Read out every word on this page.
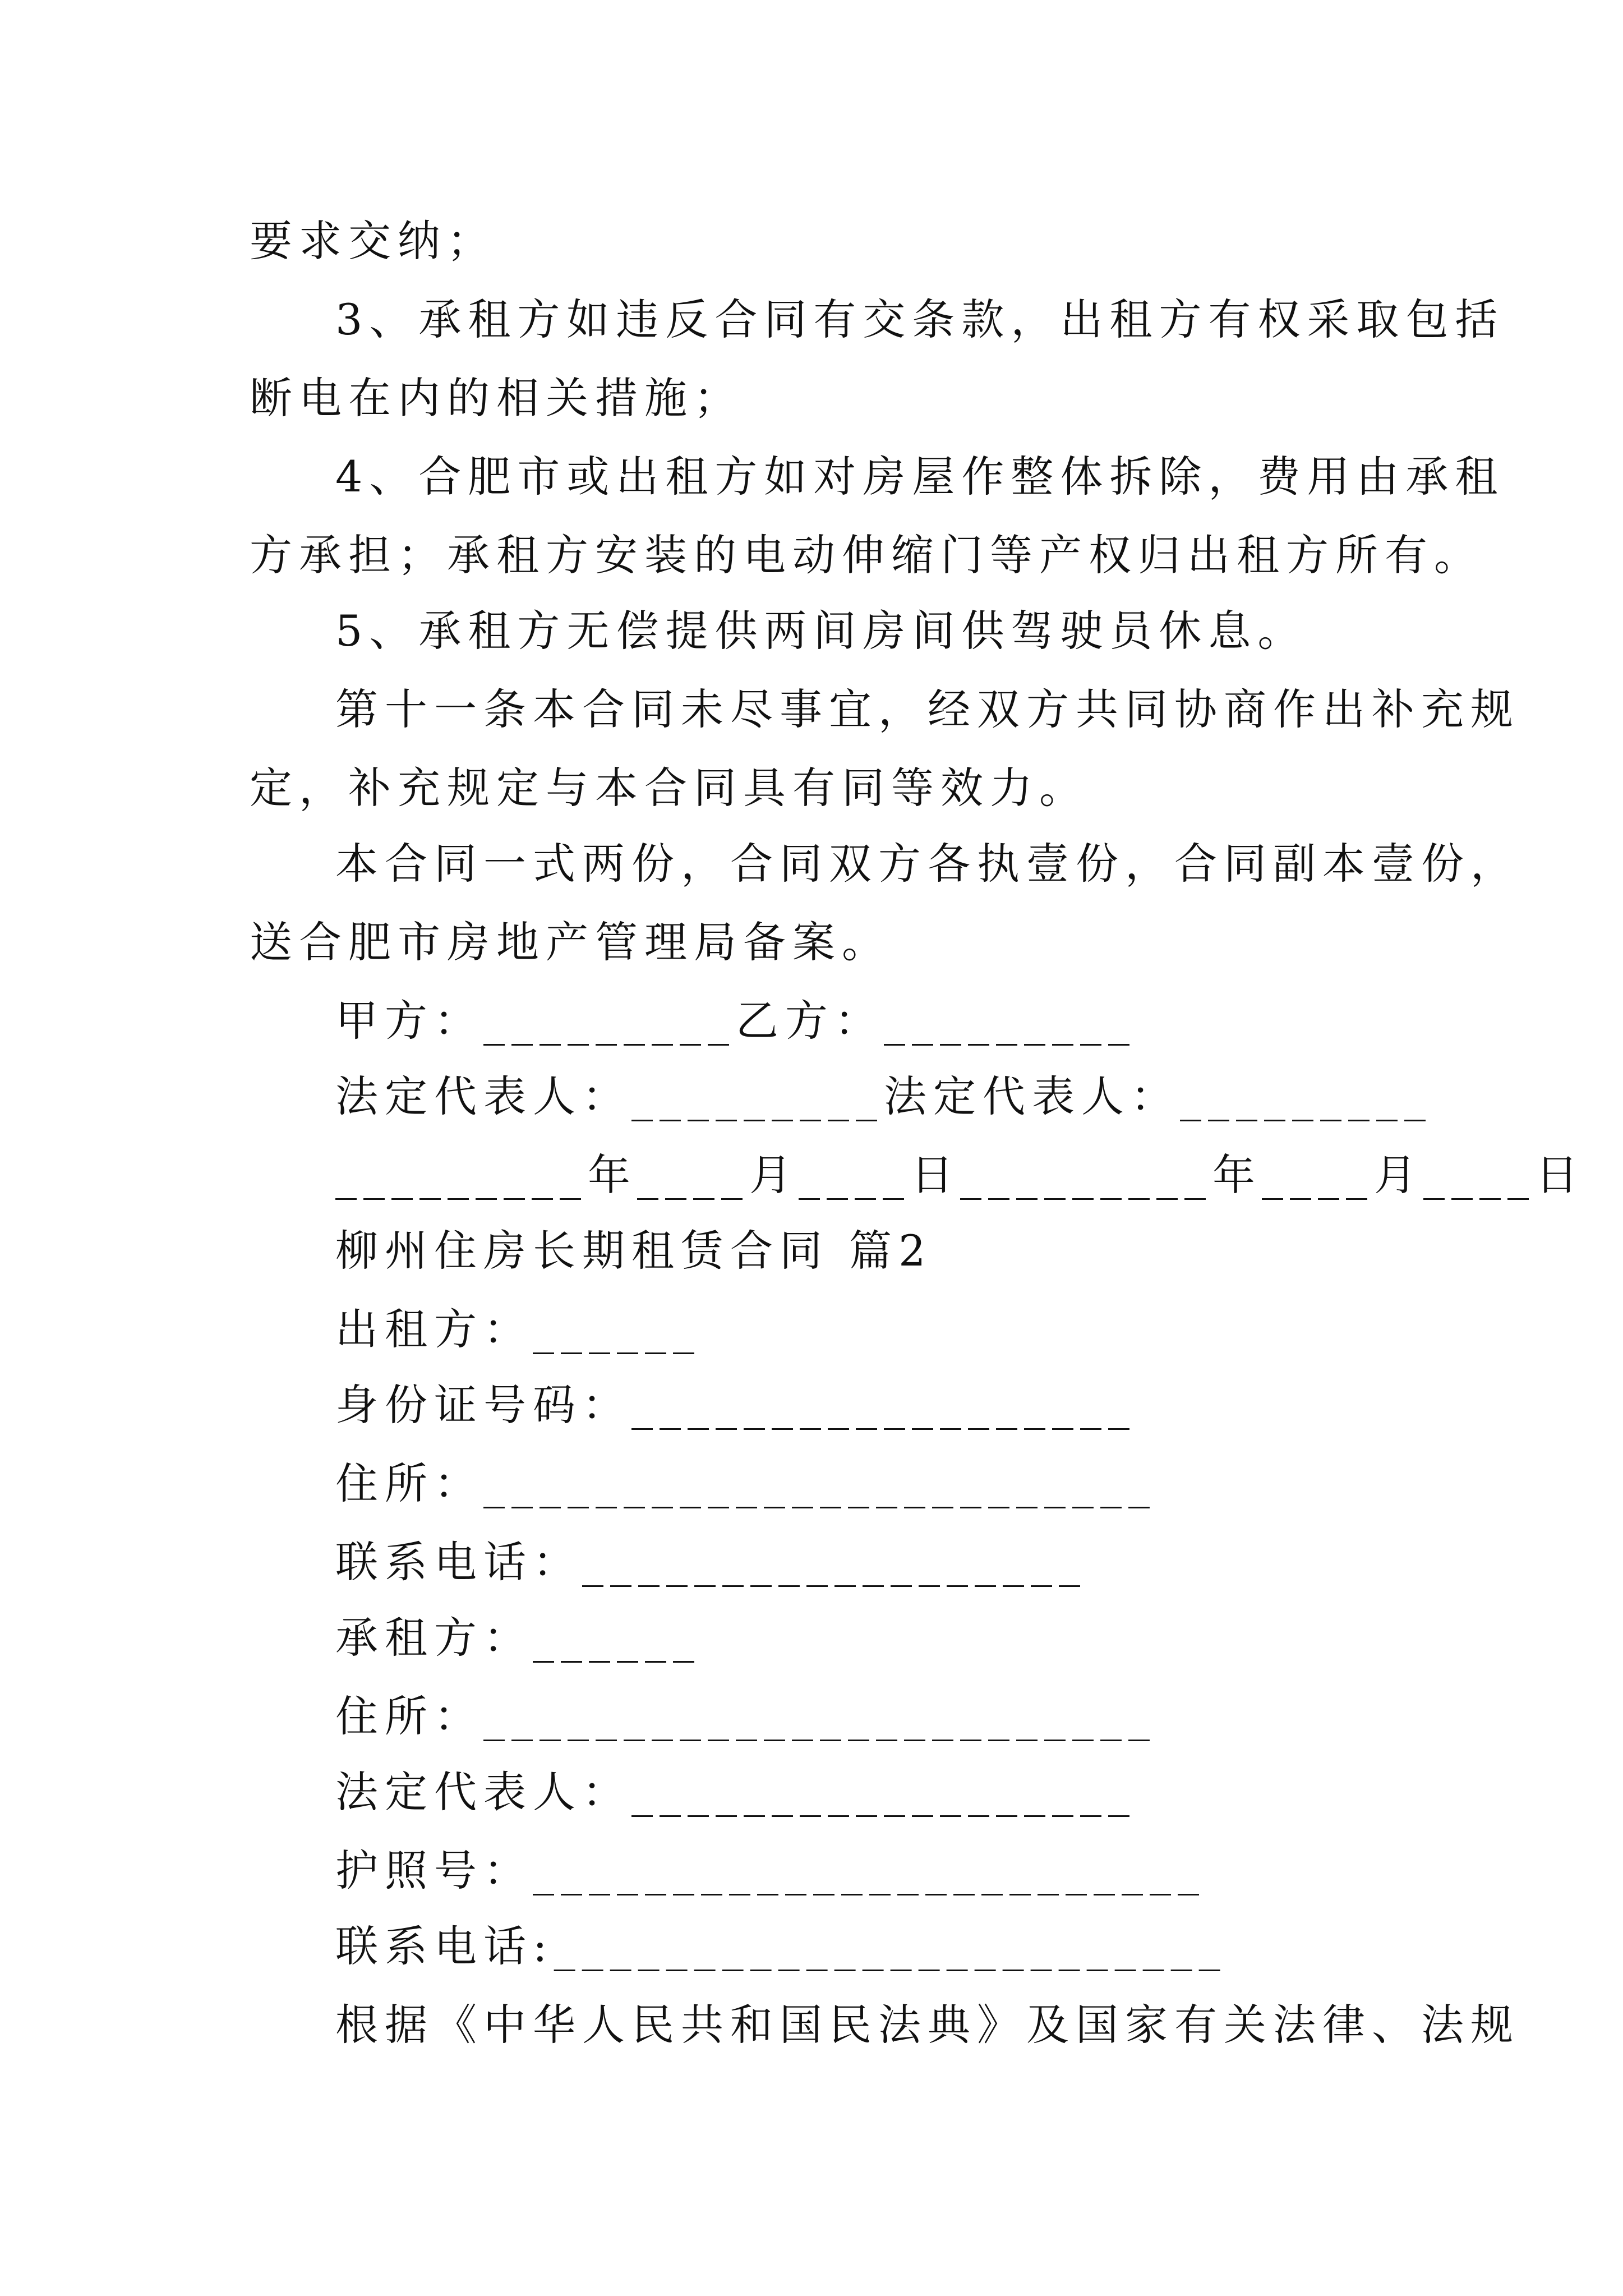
要求交纳；
3、承租方如违反合同有交条款，出租方有权采取包括
断电在内的相关措施；
4、合肥市或出租方如对房屋作整体拆除，费用由承租
方承担；承租方安装的电动伸缩门等产权归出租方所有。
5、承租方无偿提供两间房间供驾驶员休息。
第十一条本合同未尽事宜，经双方共同协商作出补充规
定，补充规定与本合同具有同等效力。
本合同一式两份，合同双方各执壹份，合同副本壹份，
送合肥市房地产管理局备案。
甲方：_________乙方：_________
法定代表人：_________法定代表人：_________
_________年____月____日_________年____月____日
柳州住房长期租赁合同 篇2
出租方：______
身份证号码：__________________
住所：________________________
联系电话：__________________
承租方：______
住所：________________________
法定代表人：__________________
护照号：________________________
联系电话:________________________
根据《中华人民共和国民法典》及国家有关法律、法规
